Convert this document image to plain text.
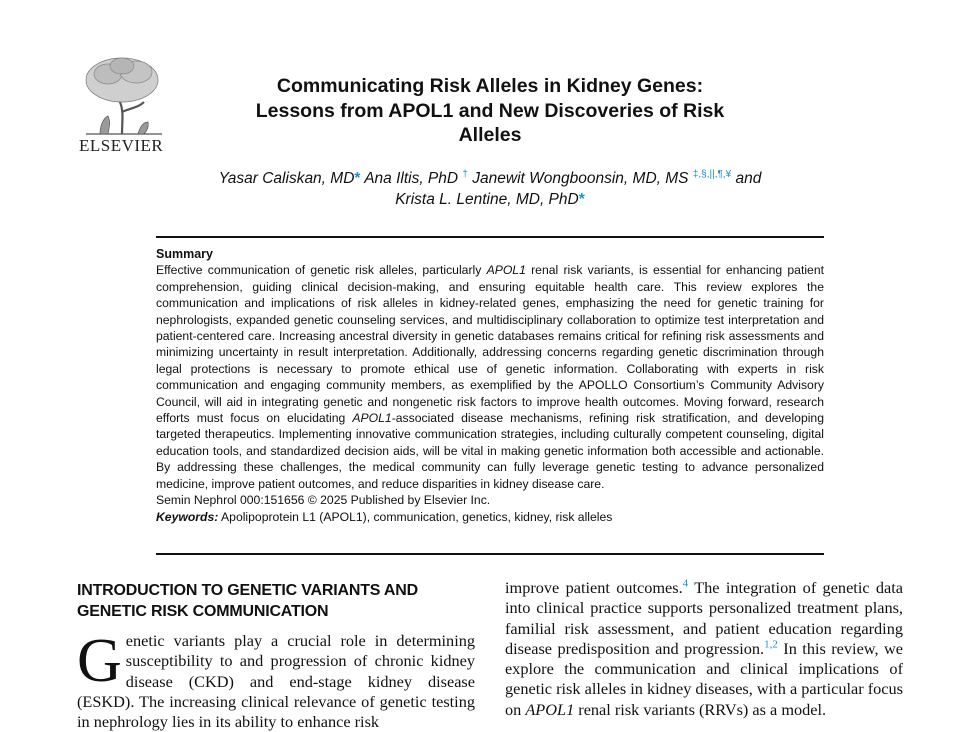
ELSEVIER
Communicating Risk Alleles in Kidney Genes:
Lessons from APOL1 and New Discoveries of Risk
Alleles
Yasar Caliskan, MD* Ana Iltis, PhD † Janewit Wongboonsin, MD, MS ‡,§,||,¶,¥ and
Krista L. Lentine, MD, PhD*
Summary

Effective communication of genetic risk alleles, particularly APOL1 renal risk variants, is essential for enhancing patient comprehension, guiding clinical decision-making, and ensuring equitable health care. This review explores the communication and implications of risk alleles in kidney-related genes, emphasizing the need for genetic training for nephrologists, expanded genetic counseling services, and multidisciplinary collaboration to optimize test interpretation and patient-centered care. Increasing ancestral diversity in genetic databases remains critical for refining risk assessments and minimizing uncertainty in result interpretation. Additionally, addressing concerns regarding genetic discrimination through legal protections is necessary to promote ethical use of genetic information. Collaborating with experts in risk communication and engaging community members, as exemplified by the APOLLO Consortium’s Community Advisory Council, will aid in integrating genetic and nongenetic risk factors to improve health outcomes. Moving forward, research efforts must focus on elucidating APOL1-associated disease mechanisms, refining risk stratification, and developing targeted therapeutics. Implementing innovative communication strategies, including culturally competent counseling, digital education tools, and standardized decision aids, will be vital in making genetic information both accessible and actionable. By addressing these challenges, the medical community can fully leverage genetic testing to advance personalized medicine, improve patient outcomes, and reduce disparities in kidney disease care.

Semin Nephrol 000:151656 © 2025 Published by Elsevier Inc.

Keywords: Apolipoprotein L1 (APOL1), communication, genetics, kidney, risk alleles

INTRODUCTION TO GENETIC VARIANTS AND
GENETIC RISK COMMUNICATION

Genetic variants play a crucial role in determining susceptibility to and progression of chronic kidney disease (CKD) and end-stage kidney disease (ESKD). The increasing clinical relevance of genetic testing in nephrology lies in its ability to enhance risk

improve patient outcomes.$^4$ The integration of genetic data into clinical practice supports personalized treatment plans, familial risk assessment, and patient education regarding disease predisposition and progression.$^{1,2}$ In this review, we explore the communication and clinical implications of genetic risk alleles in kidney diseases, with a particular focus on APOL1 renal risk variants (RRVs) as a model.
